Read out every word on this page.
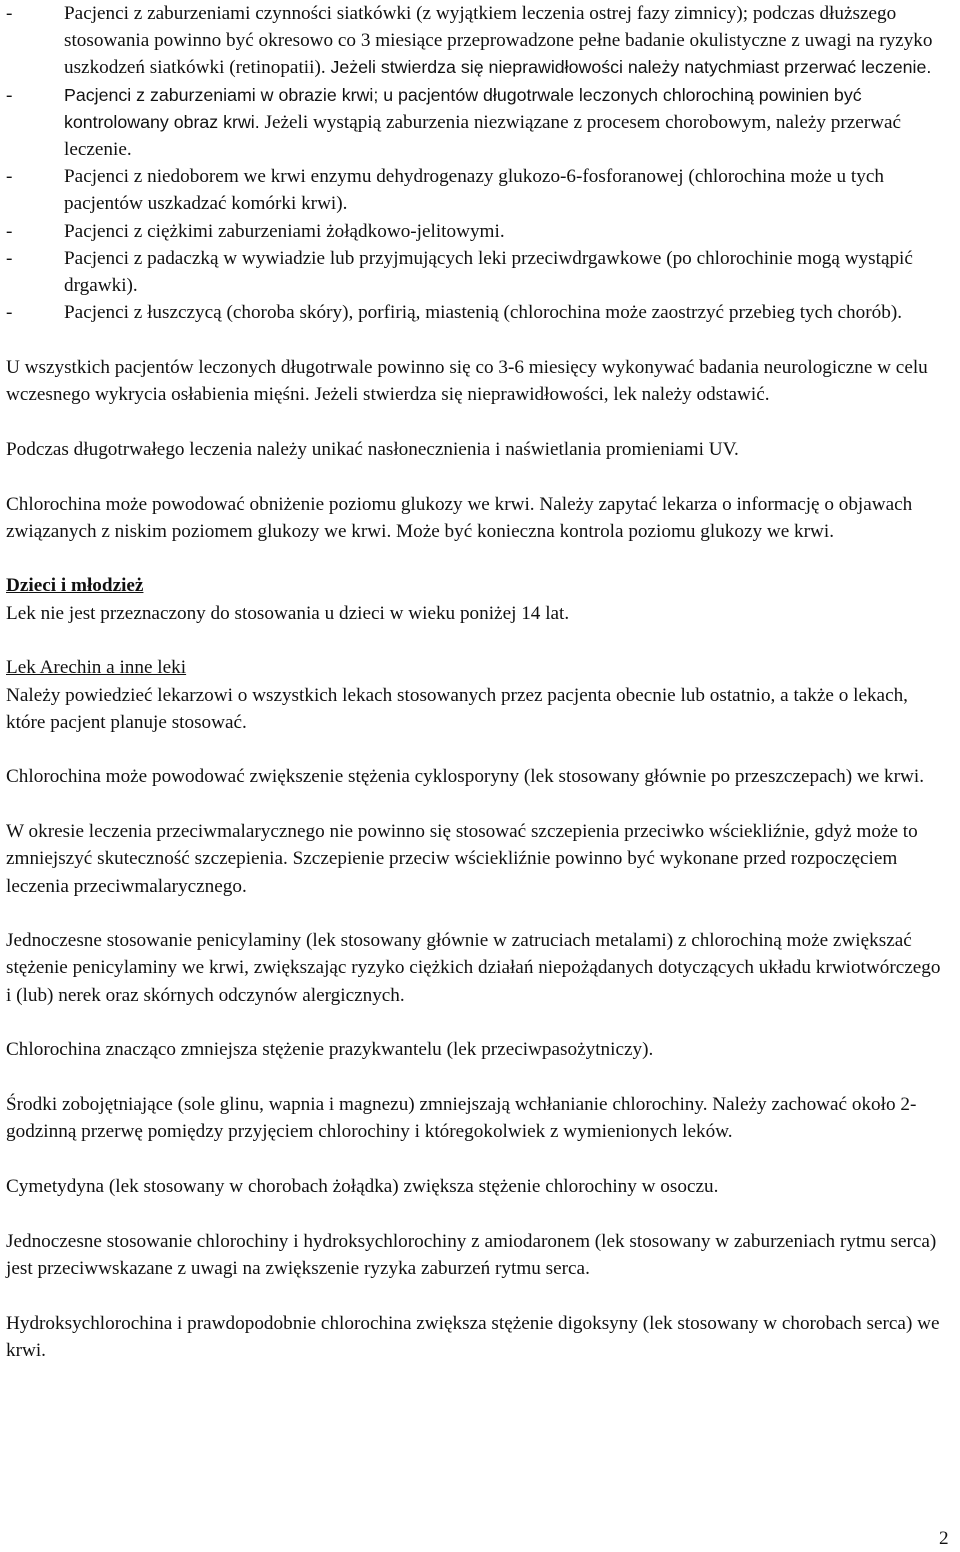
-	Pacjenci z zaburzeniami czynności siatkówki (z wyjątkiem leczenia ostrej fazy zimnicy); podczas dłuższego stosowania powinno być okresowo co 3 miesiące przeprowadzone pełne badanie okulistyczne z uwagi na ryzyko uszkodzeń siatkówki (retinopatii). Jeżeli stwierdza się nieprawidłowości należy natychmiast przerwać leczenie.
-	Pacjenci z zaburzeniami w obrazie krwi; u pacjentów długotrwale leczonych chlorochiną powinien być kontrolowany obraz krwi. Jeżeli wystąpią zaburzenia niezwiązane z procesem chorobowym, należy przerwać leczenie.
-	Pacjenci z niedoborem we krwi enzymu dehydrogenazy glukozo-6-fosforanowej (chlorochina może u tych pacjentów uszkadzać komórki krwi).
-	Pacjenci z ciężkimi zaburzeniami żołądkowo-jelitowymi.
-	Pacjenci z padaczką w wywiadzie lub przyjmujących leki przeciwdrgawkowe (po chlorochinie mogą wystąpić drgawki).
-	Pacjenci z łuszczycą (choroba skóry), porfirią, miastenią (chlorochina może zaostrzyć przebieg tych chorób).

U wszystkich pacjentów leczonych długotrwale powinno się co 3-6 miesięcy wykonywać badania neurologiczne w celu wczesnego wykrycia osłabienia mięśni. Jeżeli stwierdza się nieprawidłowości, lek należy odstawić.

Podczas długotrwałego leczenia należy unikać nasłonecznienia i naświetlania promieniami UV.

Chlorochina może powodować obniżenie poziomu glukozy we krwi. Należy zapytać lekarza o informację o objawach związanych z niskim poziomem glukozy we krwi. Może być konieczna kontrola poziomu glukozy we krwi.

Dzieci i młodzież

Lek nie jest przeznaczony do stosowania u dzieci w wieku poniżej 14 lat.

Lek Arechin a inne leki

Należy powiedzieć lekarzowi o wszystkich lekach stosowanych przez pacjenta obecnie lub ostatnio, a także o lekach, które pacjent planuje stosować.

Chlorochina może powodować zwiększenie stężenia cyklosporyny (lek stosowany głównie po przeszczepach) we krwi.

W okresie leczenia przeciwmalarycznego nie powinno się stosować szczepienia przeciwko wściekliźnie, gdyż może to zmniejszyć skuteczność szczepienia. Szczepienie przeciw wściekliźnie powinno być wykonane przed rozpoczęciem leczenia przeciwmalarycznego.

Jednoczesne stosowanie penicylaminy (lek stosowany głównie w zatruciach metalami) z chlorochiną może zwiększać stężenie penicylaminy we krwi, zwiększając ryzyko ciężkich działań niepożądanych dotyczących układu krwiotwórczego i (lub) nerek oraz skórnych odczynów alergicznych.

Chlorochina znacząco zmniejsza stężenie prazykwantelu (lek przeciwpasożytniczy).

Środki zobojętniające (sole glinu, wapnia i magnezu) zmniejszają wchłanianie chlorochiny. Należy zachować około 2-godzinną przerwę pomiędzy przyjęciem chlorochiny i któregokolwiek z wymienionych leków.

Cymetydyna (lek stosowany w chorobach żołądka) zwiększa stężenie chlorochiny w osoczu.

Jednoczesne stosowanie chlorochiny i hydroksychlorochiny z amiodaronem (lek stosowany w zaburzeniach rytmu serca) jest przeciwwskazane z uwagi na zwiększenie ryzyka zaburzeń rytmu serca.

Hydroksychlorochina i prawdopodobnie chlorochina zwiększa stężenie digoksyny (lek stosowany w chorobach serca) we krwi.

2
